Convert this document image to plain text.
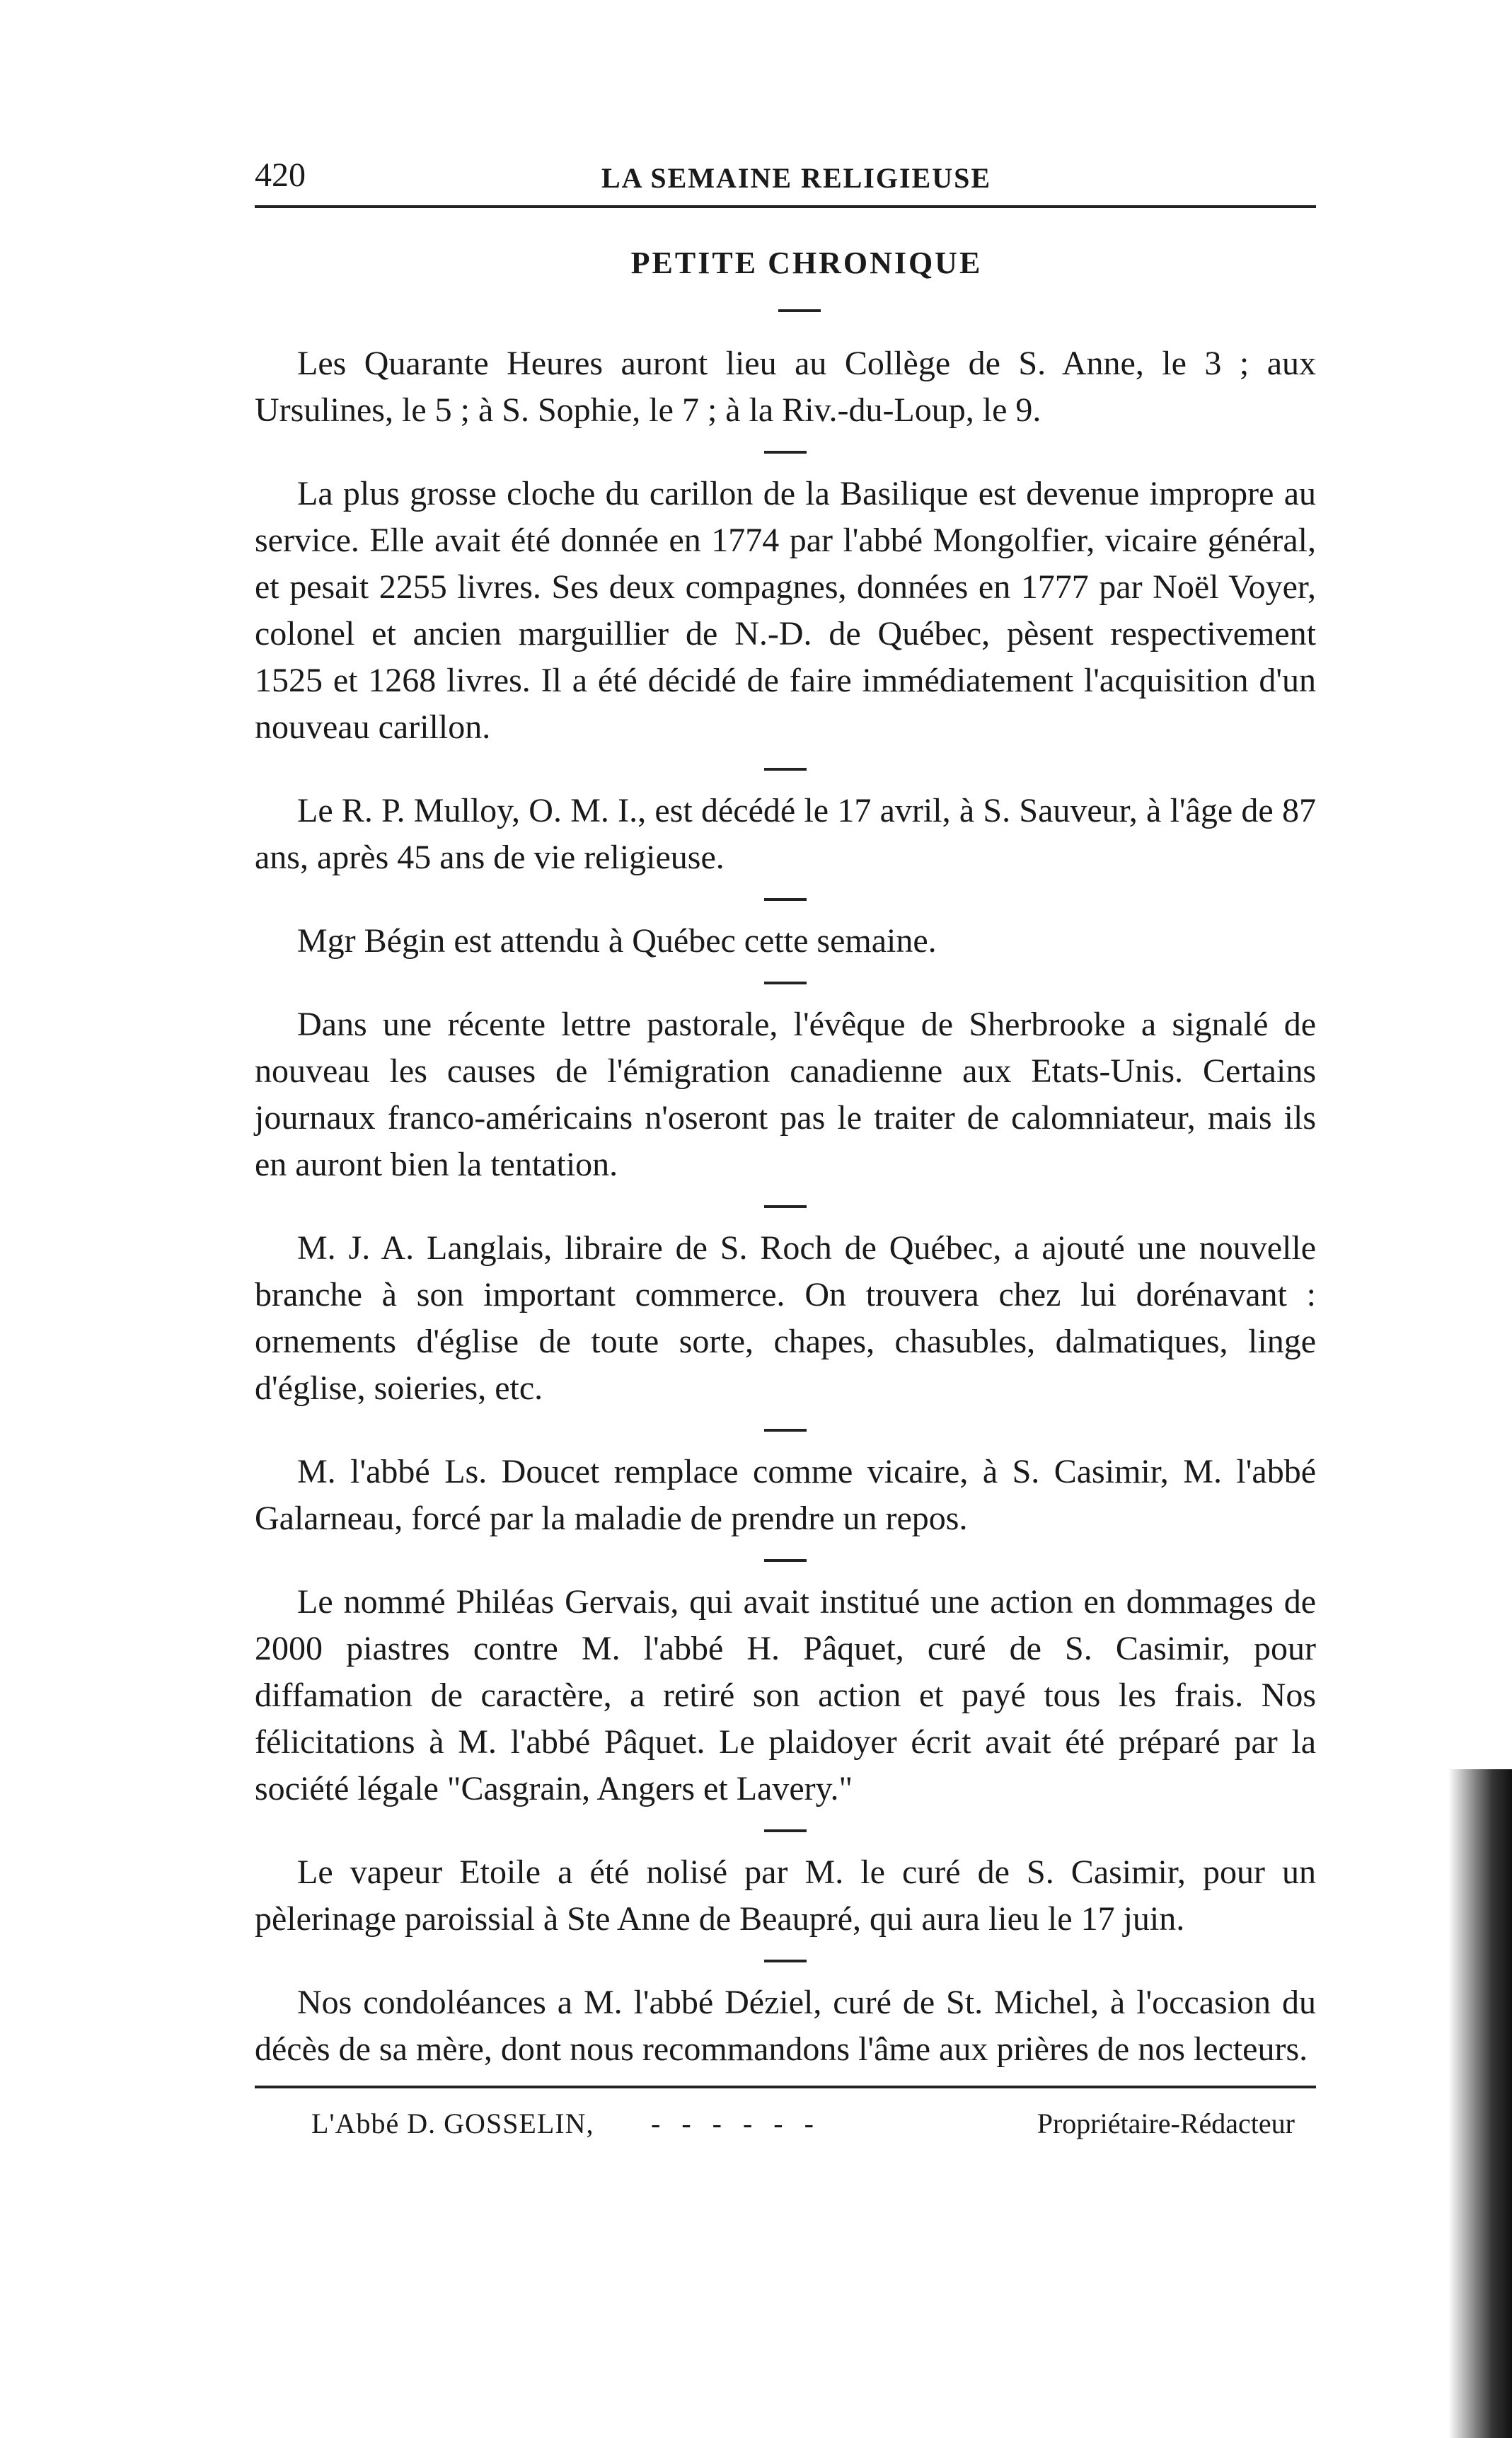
420	LA SEMAINE RELIGIEUSE
PETITE CHRONIQUE

Les Quarante Heures auront lieu au Collège de S. Anne, le 3 ; aux Ursulines, le 5 ; à S. Sophie, le 7 ; à la Riv.-du-Loup, le 9.

La plus grosse cloche du carillon de la Basilique est devenue impropre au service. Elle avait été donnée en 1774 par l'abbé Mongolfier, vicaire général, et pesait 2255 livres. Ses deux compagnes, données en 1777 par Noël Voyer, colonel et ancien marguillier de N.-D. de Québec, pèsent respectivement 1525 et 1268 livres. Il a été décidé de faire immédiatement l'acquisition d'un nouveau carillon.

Le R. P. Mulloy, O. M. I., est décédé le 17 avril, à S. Sauveur, à l'âge de 87 ans, après 45 ans de vie religieuse.

Mgr Bégin est attendu à Québec cette semaine.

Dans une récente lettre pastorale, l'évêque de Sherbrooke a signalé de nouveau les causes de l'émigration canadienne aux Etats-Unis. Certains journaux franco-américains n'oseront pas le traiter de calomniateur, mais ils en auront bien la tentation.

M. J. A. Langlais, libraire de S. Roch de Québec, a ajouté une nouvelle branche à son important commerce. On trouvera chez lui dorénavant : ornements d'église de toute sorte, chapes, chasubles, dalmatiques, linge d'église, soieries, etc.

M. l'abbé Ls. Doucet remplace comme vicaire, à S. Casimir, M. l'abbé Galarneau, forcé par la maladie de prendre un repos.

Le nommé Philéas Gervais, qui avait institué une action en dommages de 2000 piastres contre M. l'abbé H. Pâquet, curé de S. Casimir, pour diffamation de caractère, a retiré son action et payé tous les frais. Nos félicitations à M. l'abbé Pâquet. Le plaidoyer écrit avait été préparé par la société légale "Casgrain, Angers et Lavery."

Le vapeur Etoile a été nolisé par M. le curé de S. Casimir, pour un pèlerinage paroissial à Ste Anne de Beaupré, qui aura lieu le 17 juin.

Nos condoléances a M. l'abbé Déziel, curé de St. Michel, à l'occasion du décès de sa mère, dont nous recommandons l'âme aux prières de nos lecteurs.

L'Abbé D. GOSSELIN, - - - - - -	Propriétaire-Rédacteur
